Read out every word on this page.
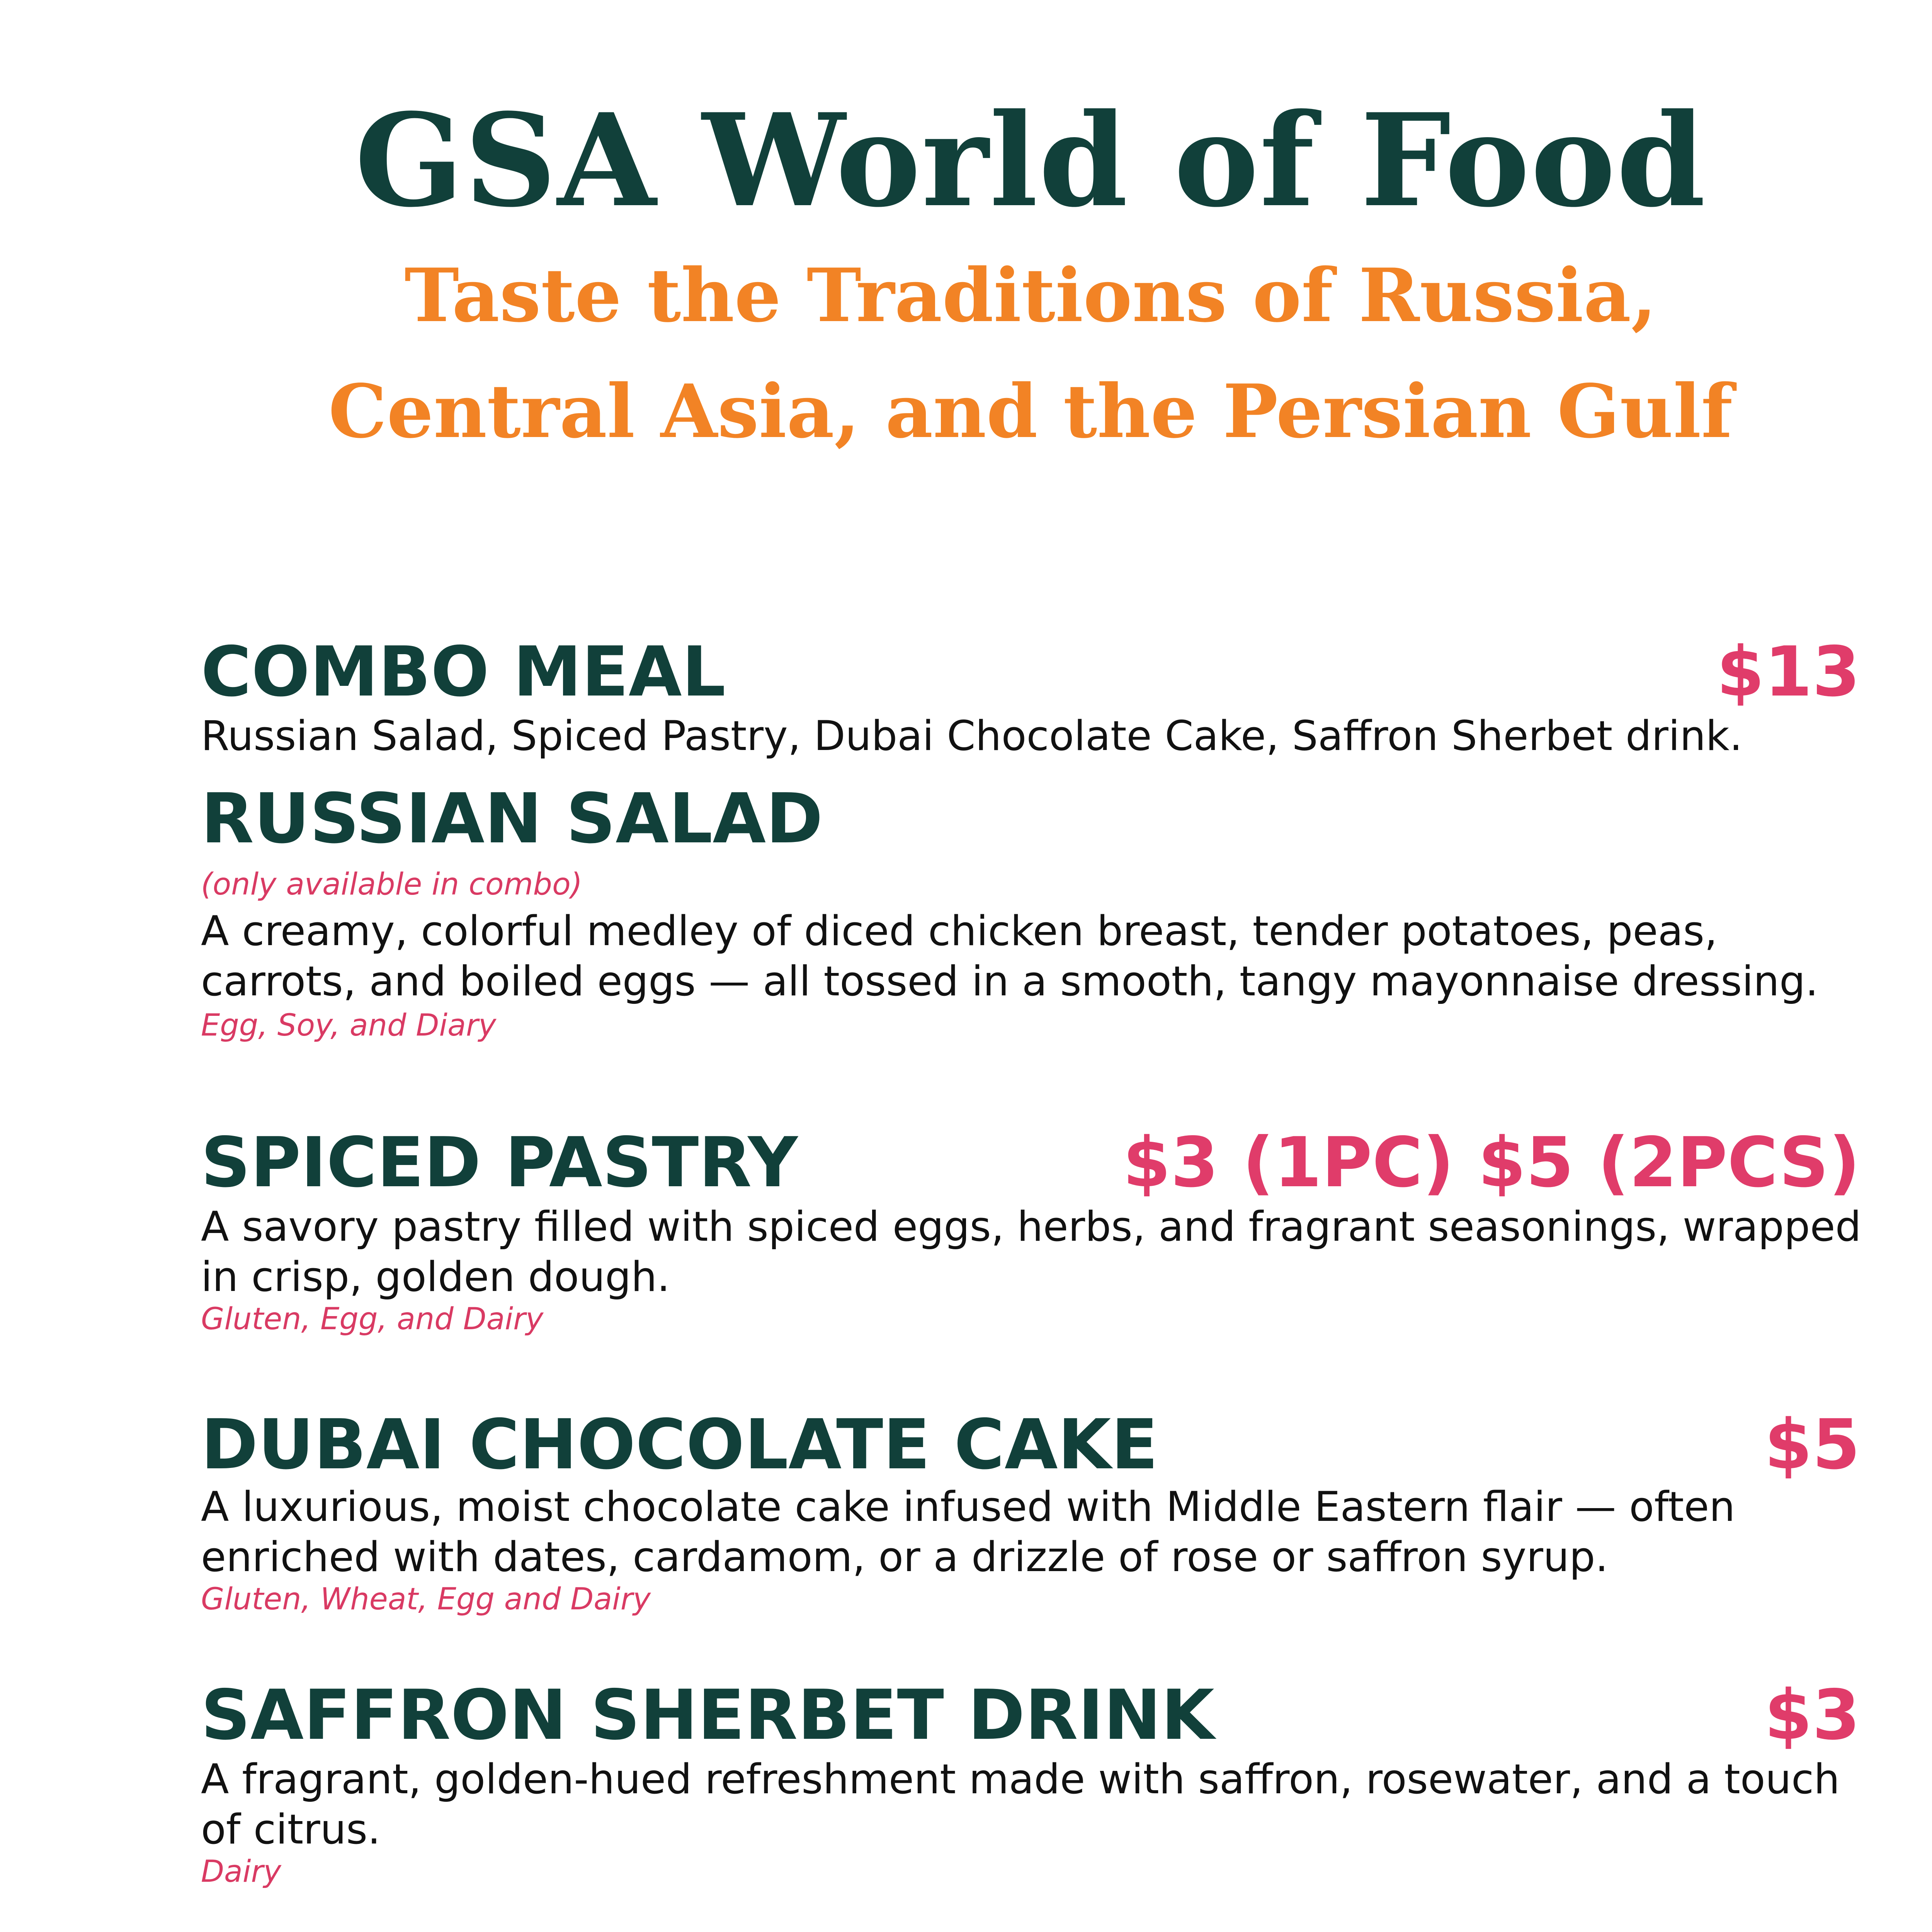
GSA World of Food
Taste the Traditions of Russia,
Central Asia, and the Persian Gulf
COMBO MEAL	$13
Russian Salad, Spiced Pastry, Dubai Chocolate Cake, Saffron Sherbet drink.
RUSSIAN SALAD
(only available in combo)
A creamy, colorful medley of diced chicken breast, tender potatoes, peas, carrots, and boiled eggs — all tossed in a smooth, tangy mayonnaise dressing.
Egg, Soy, and Diary
SPICED PASTRY	$3 (1PC) $5 (2PCS)
A savory pastry filled with spiced eggs, herbs, and fragrant seasonings, wrapped in crisp, golden dough.
Gluten, Egg, and Dairy
DUBAI CHOCOLATE CAKE	$5
A luxurious, moist chocolate cake infused with Middle Eastern flair — often enriched with dates, cardamom, or a drizzle of rose or saffron syrup.
Gluten, Wheat, Egg and Dairy
SAFFRON SHERBET DRINK	$3
A fragrant, golden-hued refreshment made with saffron, rosewater, and a touch of citrus.
Dairy
